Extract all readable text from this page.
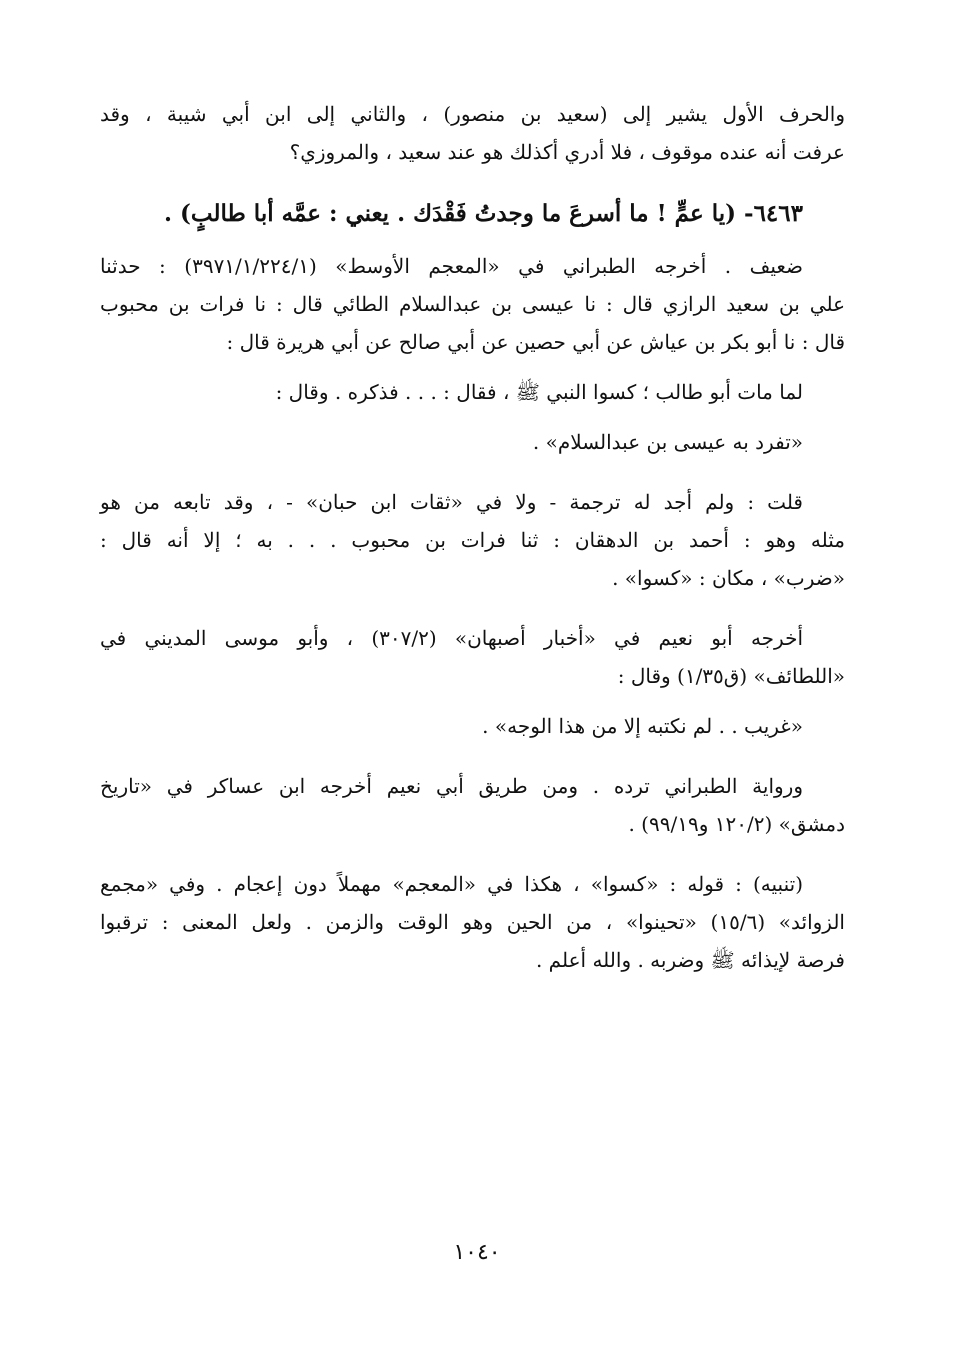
والحرف الأول يشير إلى (سعيد بن منصور) ، والثاني إلى ابن أبي شيبة ، وقد
عرفت أنه عنده موقوف ، فلا أدري أكذلك هو عند سعيد ، والمروزي؟
٦٤٦٣- (يا عمٍّ ! ما أسرعَ ما وجدتُ فَقْدَك . يعني : عمَّه أبا طالبٍ) .
ضعيف . أخرجه الطبراني في «المعجم الأوسط» (٣٩٧١/١/٢٢٤/١) : حدثنا
علي بن سعيد الرازي قال : نا عيسى بن عبدالسلام الطائي قال : نا فرات بن محبوب
قال : نا أبو بكر بن عياش عن أبي حصين عن أبي صالح عن أبي هريرة قال :
لما مات أبو طالب ؛ كسوا النبي ﷺ ، فقال : . . . فذكره . وقال :
«تفرد به عيسى بن عبدالسلام» .
قلت : ولم أجد له ترجمة - ولا في «ثقات ابن حبان» - ، وقد تابعه من هو
مثله وهو : أحمد بن الدهقان : ثنا فرات بن محبوب . . . به ؛ إلا أنه قال :
«ضرب» ، مكان : «كسوا» .
أخرجه أبو نعيم في «أخبار أصبهان» (٣٠٧/٢) ، وأبو موسى المديني في
«اللطائف» (ق١/٣٥) وقال :
«غريب . . لم نكتبه إلا من هذا الوجه» .
ورواية الطبراني ترده . ومن طريق أبي نعيم أخرجه ابن عساكر في «تاريخ
دمشق» (١٢٠/٢ و٩٩/١٩) .
(تنبيه) : قوله : «كسوا» ، هكذا في «المعجم» مهملاً دون إعجام . وفي «مجمع
الزوائد» (١٥/٦) «تحينوا» ، من الحين وهو الوقت والزمن . ولعل المعنى : ترقبوا
فرصة لإيذائه ﷺ وضربه . والله أعلم .
١٠٤٠
